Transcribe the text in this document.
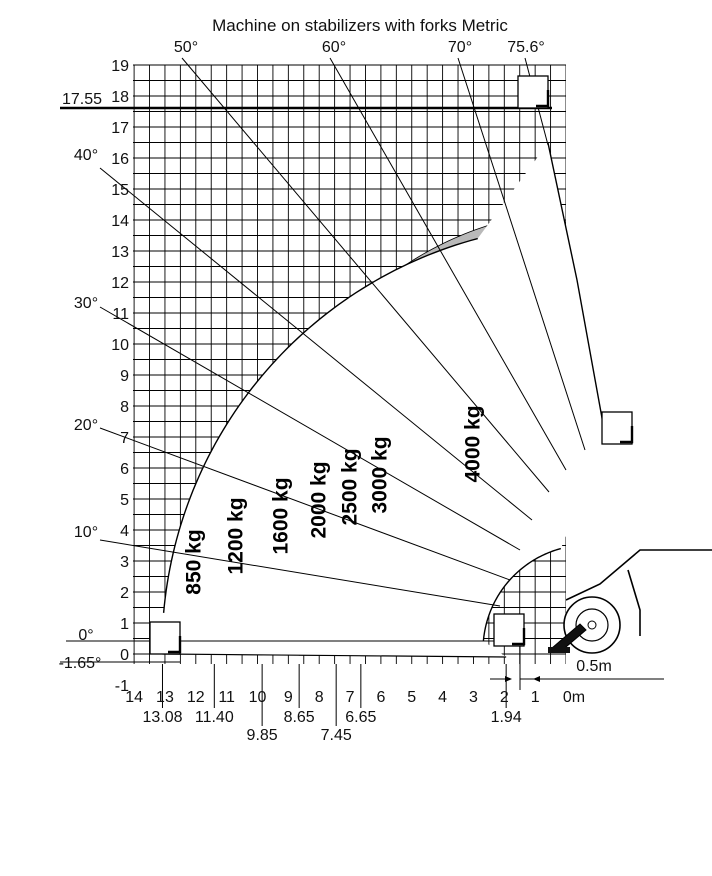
Machine on stabilizers with forks Metric
0°
10°
20°
30°
40°
50°	60°	70° 75.6°
17.55
-1.65°
19
18
17
16
15
14
13
12
11
10
9
8
7
6
5
4
3
2
1
0
-1
14 13 12 11 10 9 8 7 6 5 4 3 2 1 0m
13.08 11.40
9.85
8.65
7.45
6.65	1.94
850 kg 1200 kg 1600 kg 2000 kg 2500 kg 3000 kg	4000 kg
0.5m
